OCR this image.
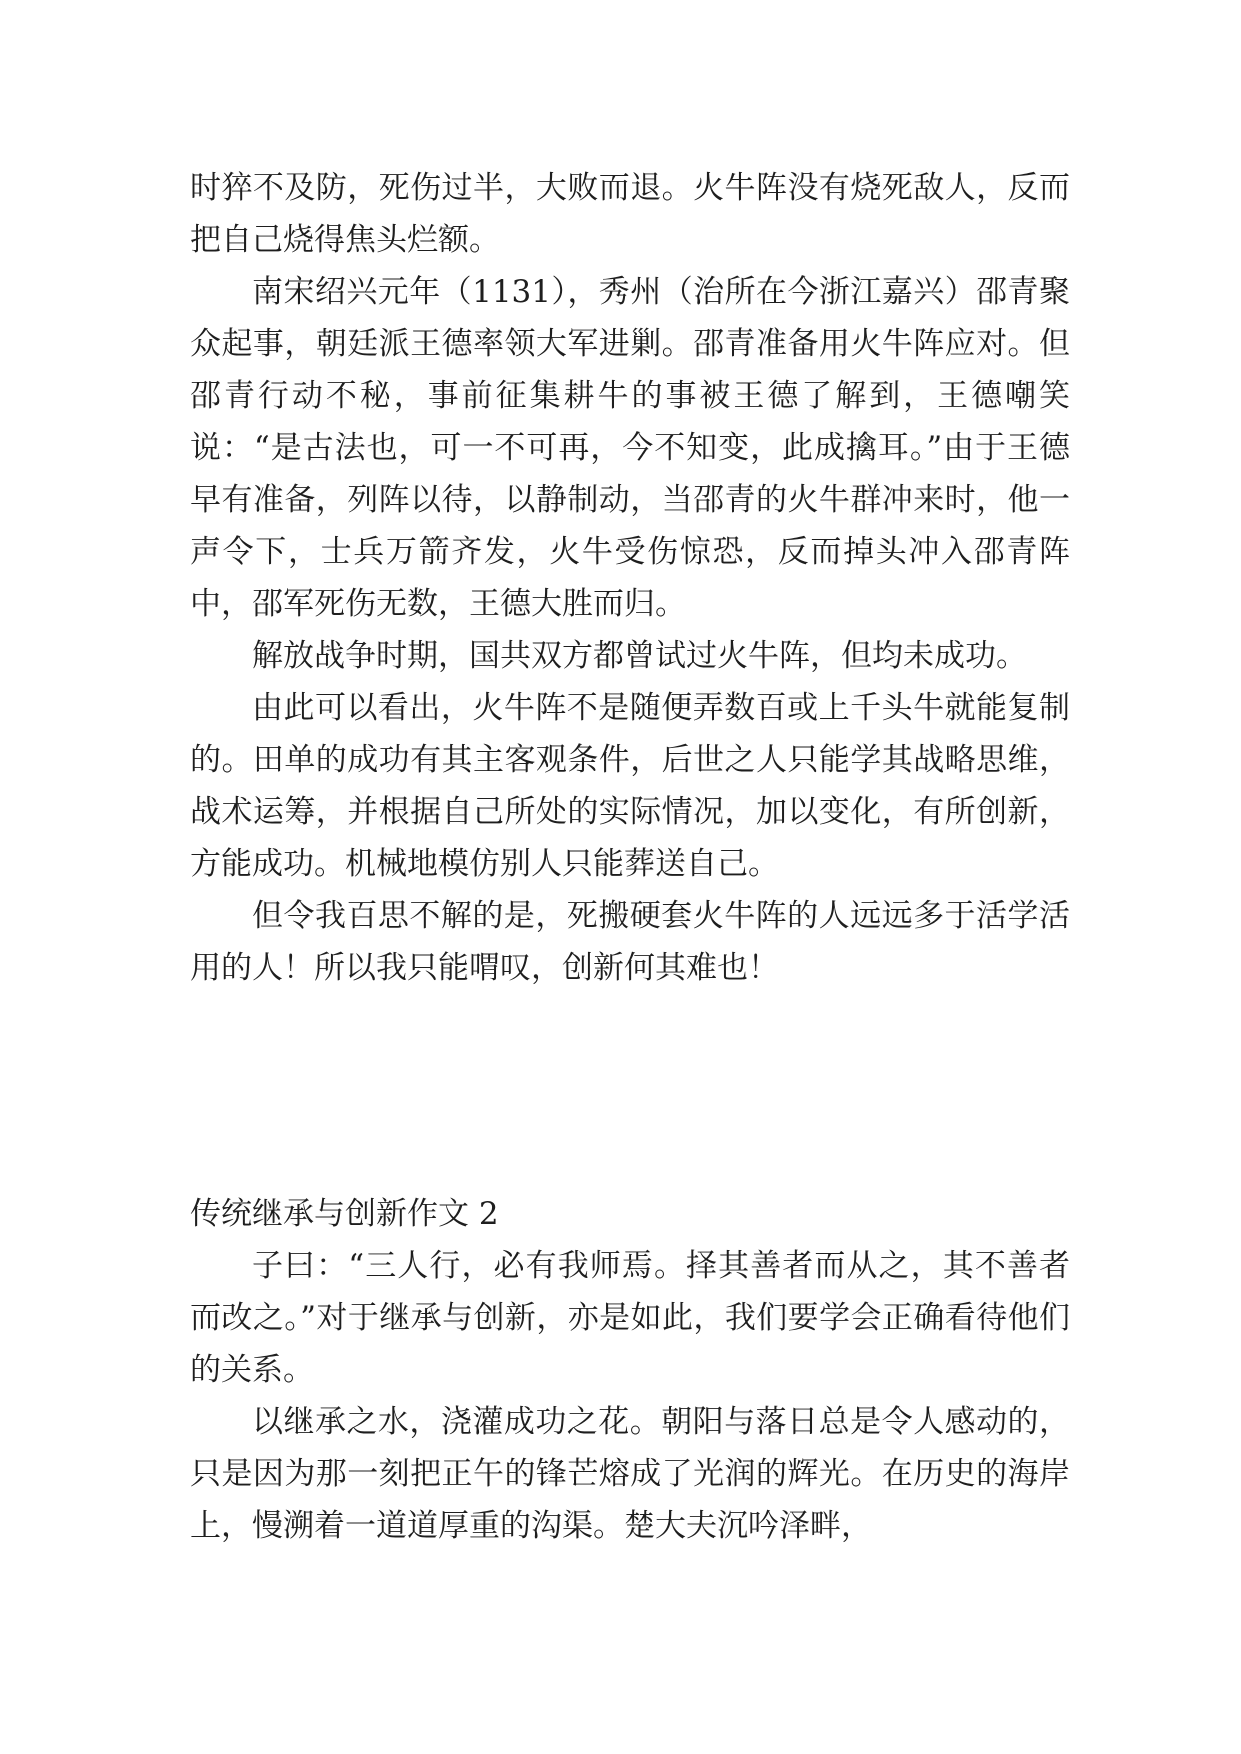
时猝不及防，死伤过半，大败而退。火牛阵没有烧死敌人，反而把自己烧得焦头烂额。

南宋绍兴元年（1131），秀州（治所在今浙江嘉兴）邵青聚众起事，朝廷派王德率领大军进剿。邵青准备用火牛阵应对。但邵青行动不秘，事前征集耕牛的事被王德了解到，王德嘲笑说：“是古法也，可一不可再，今不知变，此成擒耳。”由于王德早有准备，列阵以待，以静制动，当邵青的火牛群冲来时，他一声令下，士兵万箭齐发，火牛受伤惊恐，反而掉头冲入邵青阵中，邵军死伤无数，王德大胜而归。

解放战争时期，国共双方都曾试过火牛阵，但均未成功。

由此可以看出，火牛阵不是随便弄数百或上千头牛就能复制的。田单的成功有其主客观条件，后世之人只能学其战略思维，战术运筹，并根据自己所处的实际情况，加以变化，有所创新，方能成功。机械地模仿别人只能葬送自己。

但令我百思不解的是，死搬硬套火牛阵的人远远多于活学活用的人！所以我只能喟叹，创新何其难也！

传统继承与创新作文 2

子曰：“三人行，必有我师焉。择其善者而从之，其不善者而改之。”对于继承与创新，亦是如此，我们要学会正确看待他们的关系。

以继承之水，浇灌成功之花。朝阳与落日总是令人感动的，只是因为那一刻把正午的锋芒熔成了光润的辉光。在历史的海岸上，慢溯着一道道厚重的沟渠。楚大夫沉吟泽畔，
